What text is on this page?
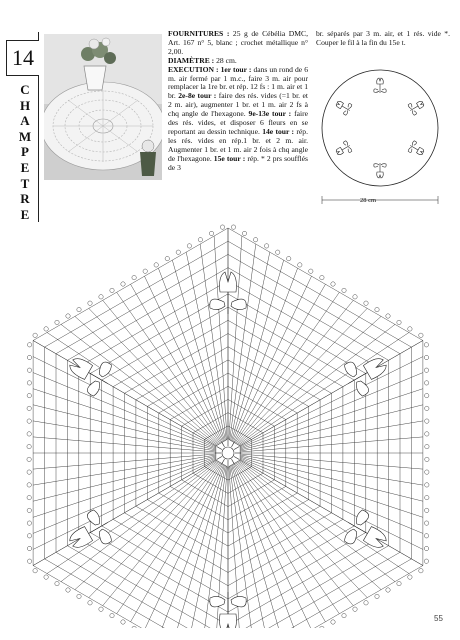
14
C
H
A
M
P
E
T
R
E
FOURNITURES : 25 g de Cébélia DMC, Art. 167 n° 5, blanc ; crochet métallique n° 2,00.
DIAMÈTRE : 28 cm.
EXECUTION : 1er tour : dans un rond de 6 m. air fermé par 1 m.c., faire 3 m. air pour remplacer la 1re br. et rép. 12 fs : 1 m. air et 1 br. 2e-8e tour : faire des rés. vides (=1 br. et 2 m. air), augmenter 1 br. et 1 m. air 2 fs à chq angle de l'hexagone. 9e-13e tour : faire des rés. vides, et disposer 6 fleurs en se reportant au dessin technique. 14e tour : rép. les rés. vides en rép.1 br. et 2 m. air. Augmenter 1 br. et 1 m. air 2 fois à chq angle de l'hexagone. 15e tour : rép. * 2 prs soufflés de 3
br. séparés par 3 m. air, et 1 rés. vide *. Couper le fil à la fin du 15e t.
28 cm
55
